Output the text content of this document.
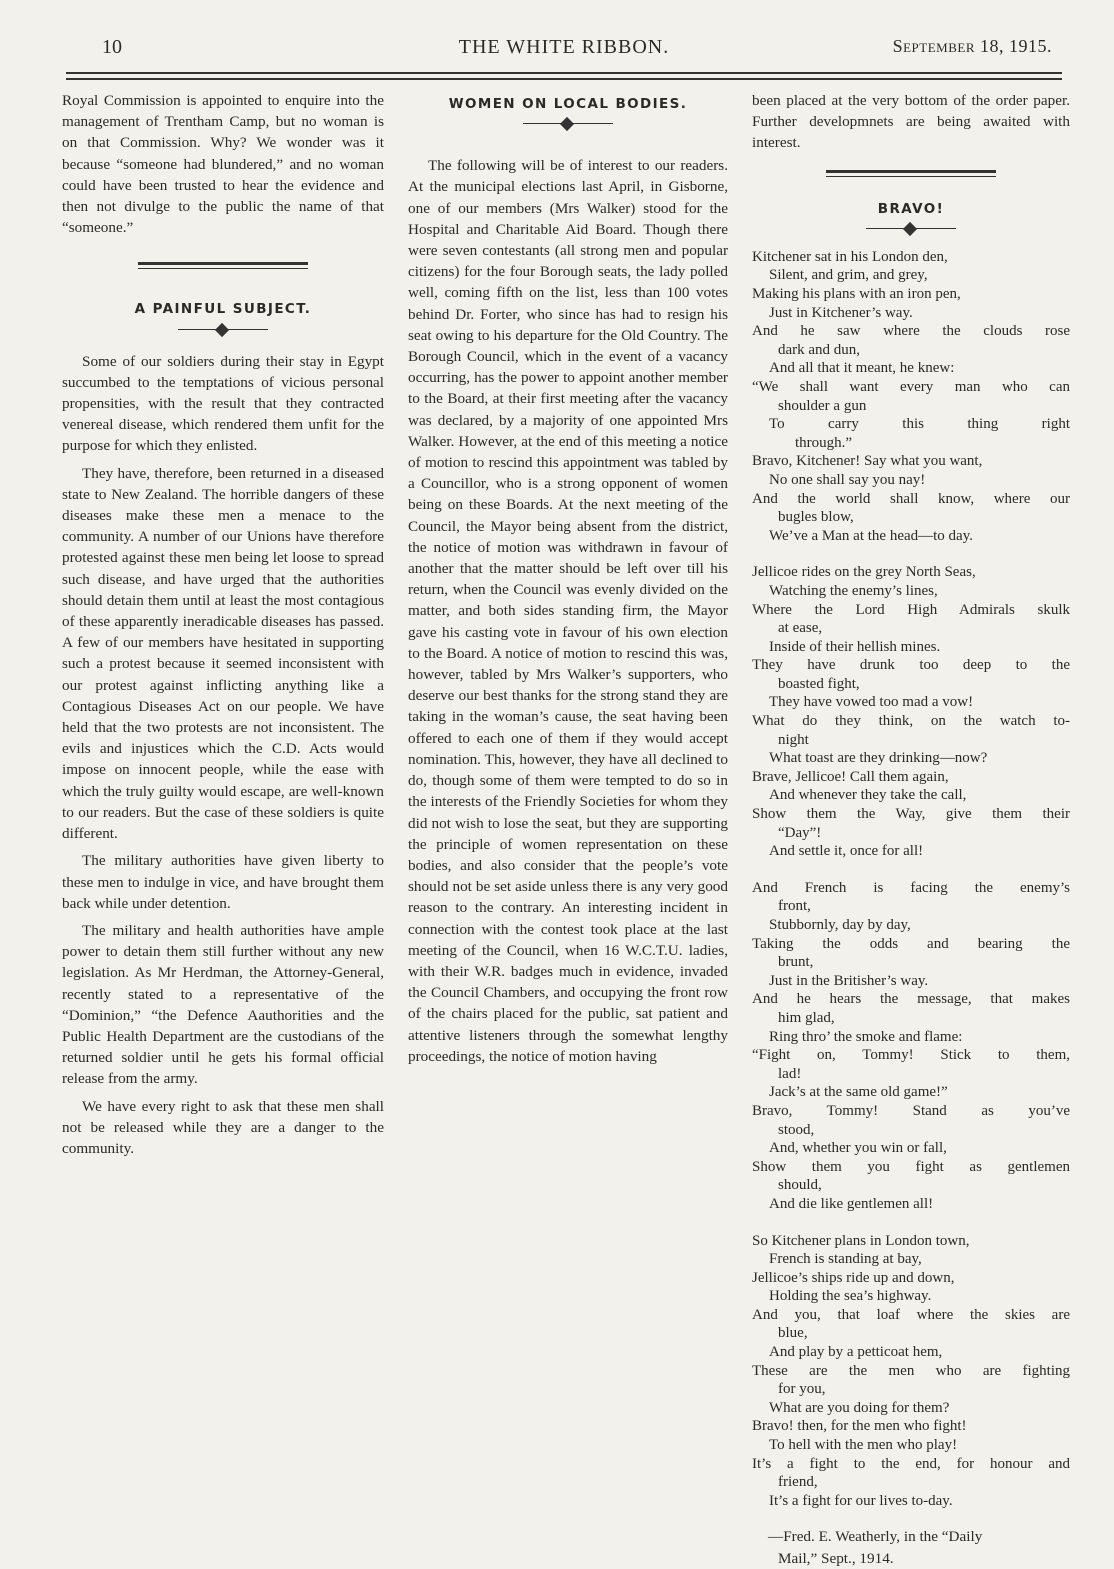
10	THE WHITE RIBBON.	September 18, 1915.

Royal Commission is appointed to enquire into the management of Trentham Camp, but no woman is on that Commission. Why? We wonder was it because “someone had blundered,” and no woman could have been trusted to hear the evidence and then not divulge to the public the name of that “someone.”

A PAINFUL SUBJECT.

Some of our soldiers during their stay in Egypt succumbed to the temptations of vicious personal propensities, with the result that they contracted venereal disease, which rendered them unfit for the purpose for which they enlisted.

They have, therefore, been returned in a diseased state to New Zealand. The horrible dangers of these diseases make these men a menace to the community. A number of our Unions have therefore protested against these men being let loose to spread such disease, and have urged that the authorities should detain them until at least the most contagious of these apparently ineradicable diseases has passed. A few of our members have hesitated in supporting such a protest because it seemed inconsistent with our protest against inflicting anything like a Contagious Diseases Act on our people. We have held that the two protests are not inconsistent. The evils and injustices which the C.D. Acts would impose on innocent people, while the ease with which the truly guilty would escape, are well-known to our readers. But the case of these soldiers is quite different.

The military authorities have given liberty to these men to indulge in vice, and have brought them back while under detention.

The military and health authorities have ample power to detain them still further without any new legislation. As Mr Herdman, the Attorney-General, recently stated to a representative of the “Dominion,” “the Defence Aauthorities and the Public Health Department are the custodians of the returned soldier until he gets his formal official release from the army.

We have every right to ask that these men shall not be released while they are a danger to the community.

WOMEN ON LOCAL BODIES.

The following will be of interest to our readers. At the municipal elections last April, in Gisborne, one of our members (Mrs Walker) stood for the Hospital and Charitable Aid Board. Though there were seven contestants (all strong men and popular citizens) for the four Borough seats, the lady polled well, coming fifth on the list, less than 100 votes behind Dr. Forter, who since has had to resign his seat owing to his departure for the Old Country. The Borough Council, which in the event of a vacancy occurring, has the power to appoint another member to the Board, at their first meeting after the vacancy was declared, by a majority of one appointed Mrs Walker. However, at the end of this meeting a notice of motion to rescind this appointment was tabled by a Councillor, who is a strong opponent of women being on these Boards. At the next meeting of the Council, the Mayor being absent from the district, the notice of motion was withdrawn in favour of another that the matter should be left over till his return, when the Council was evenly divided on the matter, and both sides standing firm, the Mayor gave his casting vote in favour of his own election to the Board. A notice of motion to rescind this was, however, tabled by Mrs Walker’s supporters, who deserve our best thanks for the strong stand they are taking in the woman’s cause, the seat having been offered to each one of them if they would accept nomination. This, however, they have all declined to do, though some of them were tempted to do so in the interests of the Friendly Societies for whom they did not wish to lose the seat, but they are supporting the principle of women representation on these bodies, and also consider that the people’s vote should not be set aside unless there is any very good reason to the contrary. An interesting incident in connection with the contest took place at the last meeting of the Council, when 16 W.C.T.U. ladies, with their W.R. badges much in evidence, invaded the Council Chambers, and occupying the front row of the chairs placed for the public, sat patient and attentive listeners through the somewhat lengthy proceedings, the notice of motion having

been placed at the very bottom of the order paper. Further developmnets are being awaited with interest.

BRAVO!
Kitchener sat in his London den,
Silent, and grim, and grey,
Making his plans with an iron pen,
Just in Kitchener’s way.
And he saw where the clouds rose
dark and dun,
And all that it meant, he knew:
“We shall want every man who can
shoulder a gun
To carry this thing right
through.”
Bravo, Kitchener! Say what you want,
No one shall say you nay!
And the world shall know, where our
bugles blow,
We’ve a Man at the head—to day.
Jellicoe rides on the grey North Seas,
Watching the enemy’s lines,
Where the Lord High Admirals skulk
at ease,
Inside of their hellish mines.
They have drunk too deep to the
boasted fight,
They have vowed too mad a vow!
What do they think, on the watch to-
night
What toast are they drinking—now?
Brave, Jellicoe! Call them again,
And whenever they take the call,
Show them the Way, give them their
“Day”!
And settle it, once for all!
And French is facing the enemy’s
front,
Stubbornly, day by day,
Taking the odds and bearing the
brunt,
Just in the Britisher’s way.
And he hears the message, that makes
him glad,
Ring thro’ the smoke and flame:
“Fight on, Tommy! Stick to them,
lad!
Jack’s at the same old game!”
Bravo, Tommy! Stand as you’ve
stood,
And, whether you win or fall,
Show them you fight as gentlemen
should,
And die like gentlemen all!
So Kitchener plans in London town,
French is standing at bay,
Jellicoe’s ships ride up and down,
Holding the sea’s highway.
And you, that loaf where the skies are
blue,
And play by a petticoat hem,
These are the men who are fighting
for you,
What are you doing for them?
Bravo! then, for the men who fight!
To hell with the men who play!
It’s a fight to the end, for honour and
friend,
It’s a fight for our lives to-day.
—Fred. E. Weatherly, in the “Daily
Mail,” Sept., 1914.
